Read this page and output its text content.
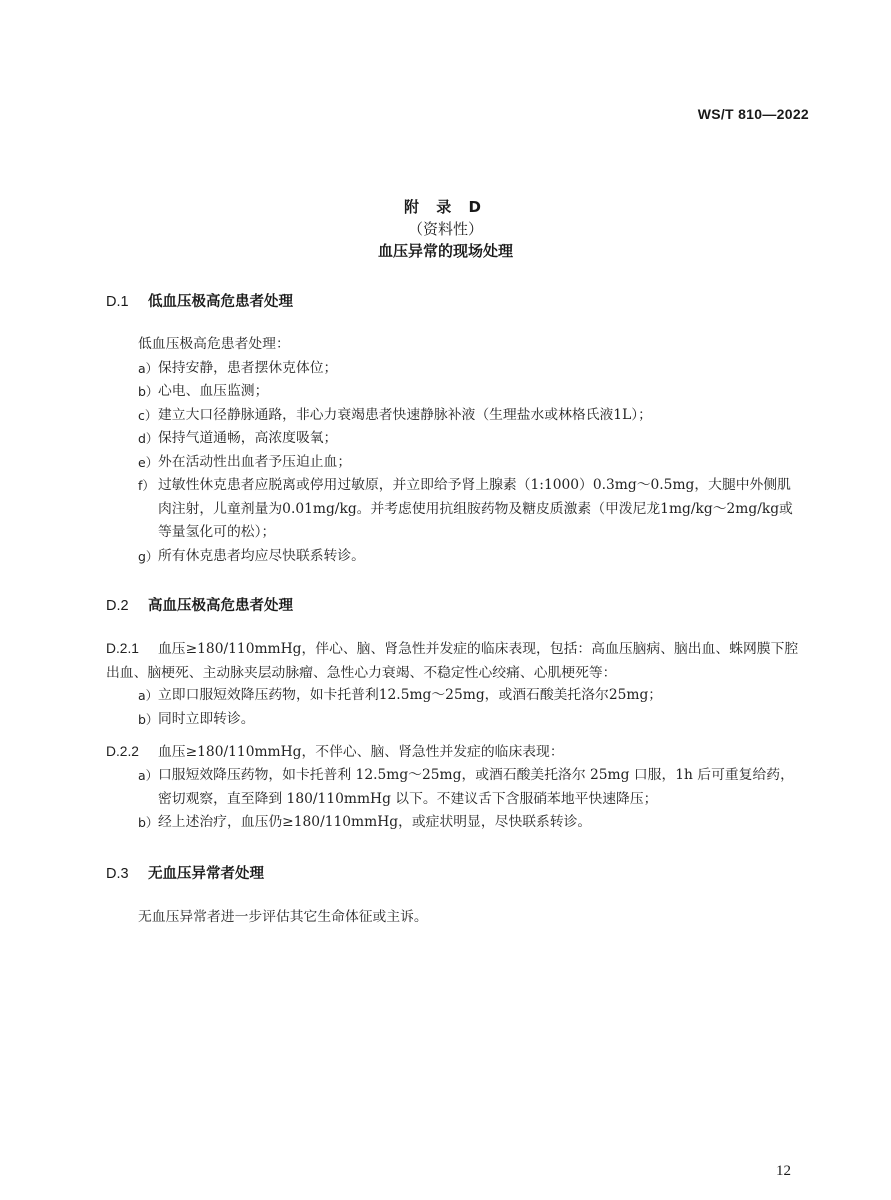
WS/T 810—2022
附 录 D
（资料性）
血压异常的现场处理
D.1 低血压极高危患者处理
低血压极高危患者处理：
a） 保持安静，患者摆休克体位；
b） 心电、血压监测；
c） 建立大口径静脉通路，非心力衰竭患者快速静脉补液（生理盐水或林格氏液1L）；
d） 保持气道通畅，高浓度吸氧；
e） 外在活动性出血者予压迫止血；
f） 过敏性休克患者应脱离或停用过敏原，并立即给予肾上腺素（1:1000）0.3mg～0.5mg，大腿中外侧肌肉注射，儿童剂量为0.01mg/kg。并考虑使用抗组胺药物及糖皮质激素（甲泼尼龙1mg/kg～2mg/kg或等量氢化可的松）；
g） 所有休克患者均应尽快联系转诊。
D.2 高血压极高危患者处理
D.2.1 血压≥180/110mmHg，伴心、脑、肾急性并发症的临床表现，包括：高血压脑病、脑出血、蛛网膜下腔出血、脑梗死、主动脉夹层动脉瘤、急性心力衰竭、不稳定性心绞痛、心肌梗死等：
a） 立即口服短效降压药物，如卡托普利12.5mg～25mg，或酒石酸美托洛尔25mg；
b） 同时立即转诊。
D.2.2 血压≥180/110mmHg，不伴心、脑、肾急性并发症的临床表现：
a） 口服短效降压药物，如卡托普利 12.5mg～25mg，或酒石酸美托洛尔 25mg 口服，1h 后可重复给药，密切观察，直至降到 180/110mmHg 以下。不建议舌下含服硝苯地平快速降压；
b） 经上述治疗，血压仍≥180/110mmHg，或症状明显，尽快联系转诊。
D.3 无血压异常者处理
无血压异常者进一步评估其它生命体征或主诉。
12
